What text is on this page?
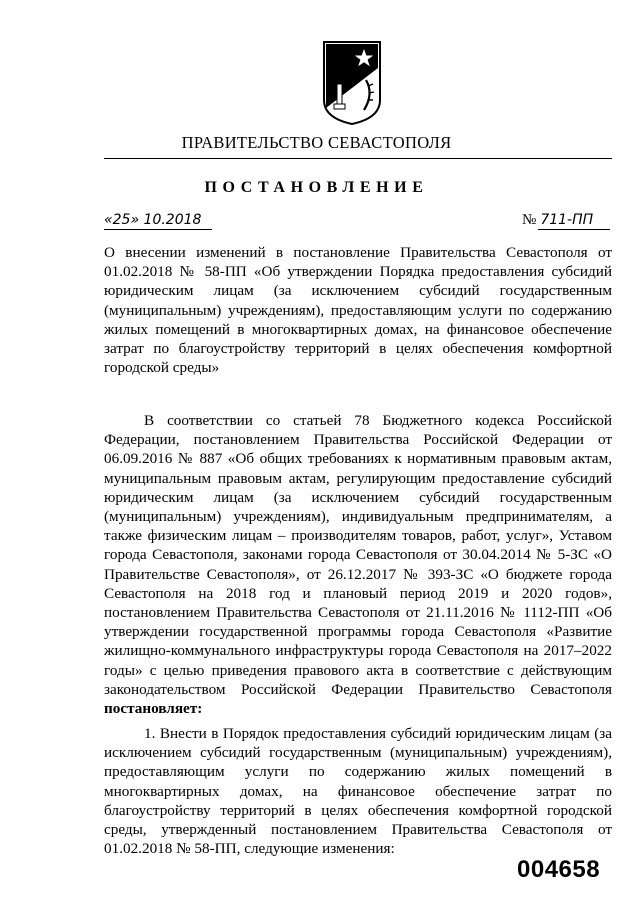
ПРАВИТЕЛЬСТВО СЕВАСТОПОЛЯ
ПОСТАНОВЛЕНИЕ
«25» 10.2018	№ 711-ПП

О внесении изменений в постановление Правительства Севастополя от 01.02.2018 № 58-ПП «Об утверждении Порядка предоставления субсидий юридическим лицам (за исключением субсидий государственным (муниципальным) учреждениям), предоставляющим услуги по содержанию жилых помещений в многоквартирных домах, на финансовое обеспечение затрат по благоустройству территорий в целях обеспечения комфортной городской среды»

В соответствии со статьей 78 Бюджетного кодекса Российской Федерации, постановлением Правительства Российской Федерации от 06.09.2016 № 887 «Об общих требованиях к нормативным правовым актам, муниципальным правовым актам, регулирующим предоставление субсидий юридическим лицам (за исключением субсидий государственным (муниципальным) учреждениям), индивидуальным предпринимателям, а также физическим лицам – производителям товаров, работ, услуг», Уставом города Севастополя, законами города Севастополя от 30.04.2014 № 5-ЗС «О Правительстве Севастополя», от 26.12.2017 № 393-ЗС «О бюджете города Севастополя на 2018 год и плановый период 2019 и 2020 годов», постановлением Правительства Севастополя от 21.11.2016 № 1112-ПП «Об утверждении государственной программы города Севастополя «Развитие жилищно-коммунального инфраструктуры города Севастополя на 2017–2022 годы» с целью приведения правового акта в соответствие с действующим законодательством Российской Федерации Правительство Севастополя постановляет:

1. Внести в Порядок предоставления субсидий юридическим лицам (за исключением субсидий государственным (муниципальным) учреждениям), предоставляющим услуги по содержанию жилых помещений в многоквартирных домах, на финансовое обеспечение затрат по благоустройству территорий в целях обеспечения комфортной городской среды, утвержденный постановлением Правительства Севастополя от 01.02.2018 № 58-ПП, следующие изменения:

004658
